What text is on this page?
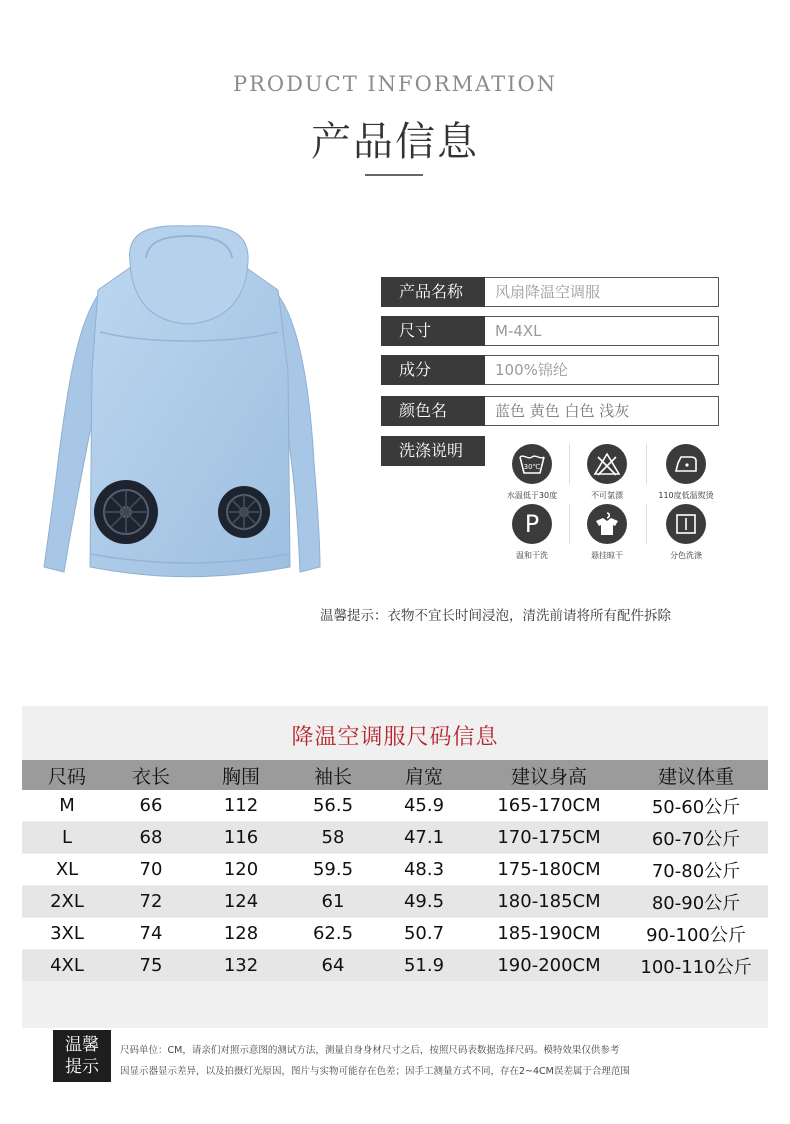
PRODUCT INFORMATION
产品信息
产品名称	风扇降温空调服
尺寸	M-4XL
成分	100%锦纶
颜色名	蓝色 黄色 白色 浅灰
洗涤说明
30℃
水温低于30度	不可氯漂	110度低温熨烫
P
温和干洗	悬挂晾干	分色洗涤
温馨提示：衣物不宜长时间浸泡，清洗前请将所有配件拆除
降温空调服尺码信息
尺码	衣长	胸围	袖长	肩宽	建议身高	建议体重
M	66	112	56.5	45.9	165-170CM	50-60公斤
L	68	116	58	47.1	170-175CM	60-70公斤
XL	70	120	59.5	48.3	175-180CM	70-80公斤
2XL	72	124	61	49.5	180-185CM	80-90公斤
3XL	74	128	62.5	50.7	185-190CM	90-100公斤
4XL	75	132	64	51.9	190-200CM	100-110公斤
温馨
提示
尺码单位：CM，请亲们对照示意图的测试方法，测量自身身材尺寸之后，按照尺码表数据选择尺码。模特效果仅供参考
因显示器显示差异，以及拍摄灯光原因，图片与实物可能存在色差；因手工测量方式不同，存在2~4CM误差属于合理范围
